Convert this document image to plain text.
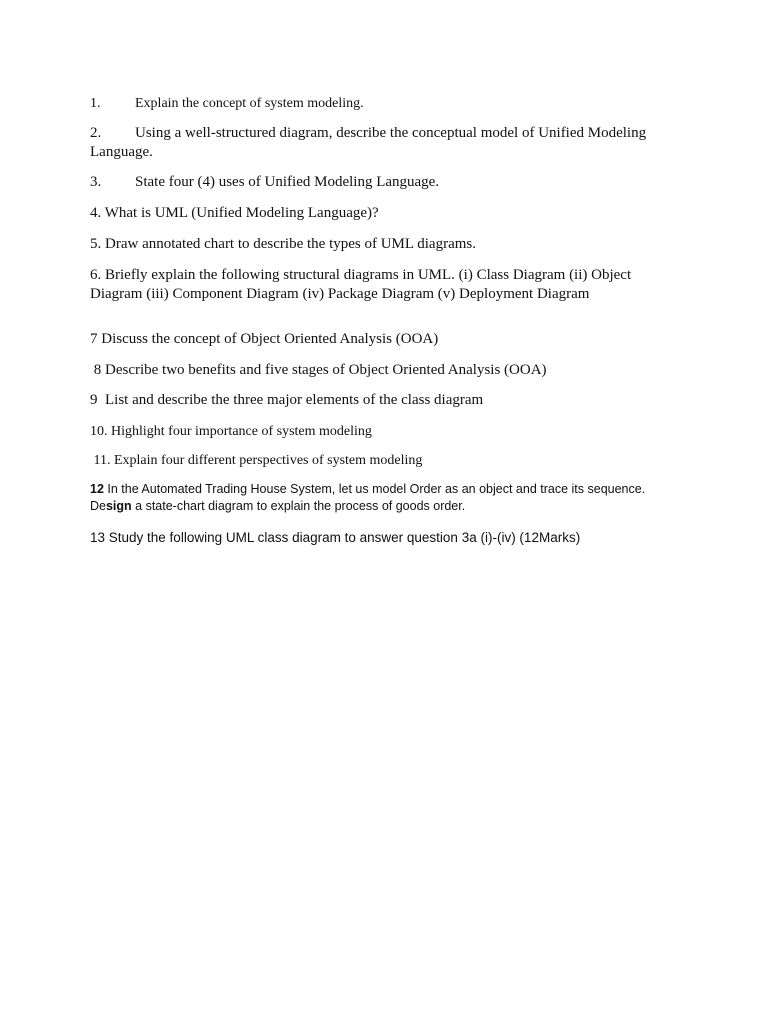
1. Explain the concept of system modeling.

2. Using a well-structured diagram, describe the conceptual model of Unified Modeling Language.

3. State four (4) uses of Unified Modeling Language.

4. What is UML (Unified Modeling Language)?

5. Draw annotated chart to describe the types of UML diagrams.

6. Briefly explain the following structural diagrams in UML. (i) Class Diagram (ii) Object Diagram (iii) Component Diagram (iv) Package Diagram (v) Deployment Diagram

7 Discuss the concept of Object Oriented Analysis (OOA)

8 Describe two benefits and five stages of Object Oriented Analysis (OOA)

9  List and describe the three major elements of the class diagram

10. Highlight four importance of system modeling

11. Explain four different perspectives of system modeling

12 In the Automated Trading House System, let us model Order as an object and trace its sequence. Design a state-chart diagram to explain the process of goods order.

13 Study the following UML class diagram to answer question 3a (i)-(iv) (12Marks)
